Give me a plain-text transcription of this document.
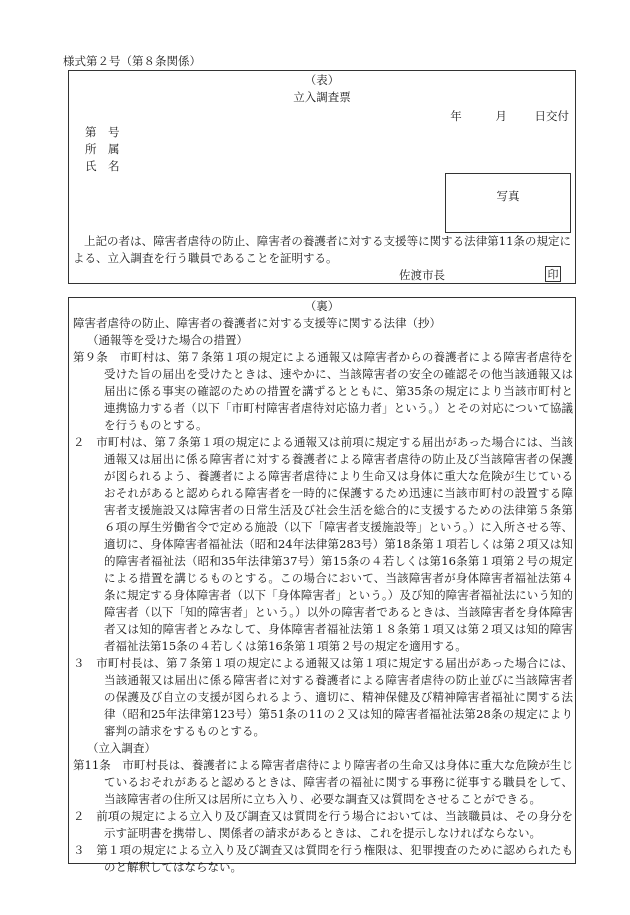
様式第２号（第８条関係）
（表）
立入調査票
年	月 日交付
第　号
所　属
氏　名
写真
上記の者は、障害者虐待の防止、障害者の養護者に対する支援等に関する法律第11条の規定による、立入調査を行う職員であることを証明する。
佐渡市長	印
（裏）

障害者虐待の防止、障害者の養護者に対する支援等に関する法律（抄）

（通報等を受けた場合の措置）

第９条　市町村は、第７条第１項の規定による通報又は障害者からの養護者による障害者虐待を受けた旨の届出を受けたときは、速やかに、当該障害者の安全の確認その他当該通報又は届出に係る事実の確認のための措置を講ずるとともに、第35条の規定により当該市町村と連携協力する者（以下「市町村障害者虐待対応協力者」という。）とその対応について協議を行うものとする。

２　市町村は、第７条第１項の規定による通報又は前項に規定する届出があった場合には、当該通報又は届出に係る障害者に対する養護者による障害者虐待の防止及び当該障害者の保護が図られるよう、養護者による障害者虐待により生命又は身体に重大な危険が生じているおそれがあると認められる障害者を一時的に保護するため迅速に当該市町村の設置する障害者支援施設又は障害者の日常生活及び社会生活を総合的に支援するための法律第５条第６項の厚生労働省令で定める施設（以下「障害者支援施設等」という。）に入所させる等、適切に、身体障害者福祉法（昭和24年法律第283号）第18条第１項若しくは第２項又は知的障害者福祉法（昭和35年法律第37号）第15条の４若しくは第16条第１項第２号の規定による措置を講じるものとする。この場合において、当該障害者が身体障害者福祉法第４条に規定する身体障害者（以下「身体障害者」という。）及び知的障害者福祉法にいう知的障害者（以下「知的障害者」という。）以外の障害者であるときは、当該障害者を身体障害者又は知的障害者とみなして、身体障害者福祉法第１８条第１項又は第２項又は知的障害者福祉法第15条の４若しくは第16条第１項第２号の規定を適用する。

３　市町村長は、第７条第１項の規定による通報又は第１項に規定する届出があった場合には、当該通報又は届出に係る障害者に対する養護者による障害者虐待の防止並びに当該障害者の保護及び自立の支援が図られるよう、適切に、精神保健及び精神障害者福祉に関する法律（昭和25年法律第123号）第51条の11の２又は知的障害者福祉法第28条の規定により審判の請求をするものとする。

（立入調査）

第11条　市町村長は、養護者による障害者虐待により障害者の生命又は身体に重大な危険が生じているおそれがあると認めるときは、障害者の福祉に関する事務に従事する職員をして、当該障害者の住所又は居所に立ち入り、必要な調査又は質問をさせることができる。

２　前項の規定による立入り及び調査又は質問を行う場合においては、当該職員は、その身分を示す証明書を携帯し、関係者の請求があるときは、これを提示しなければならない。

３　第１項の規定による立入り及び調査又は質問を行う権限は、犯罪捜査のために認められたものと解釈してはならない。
